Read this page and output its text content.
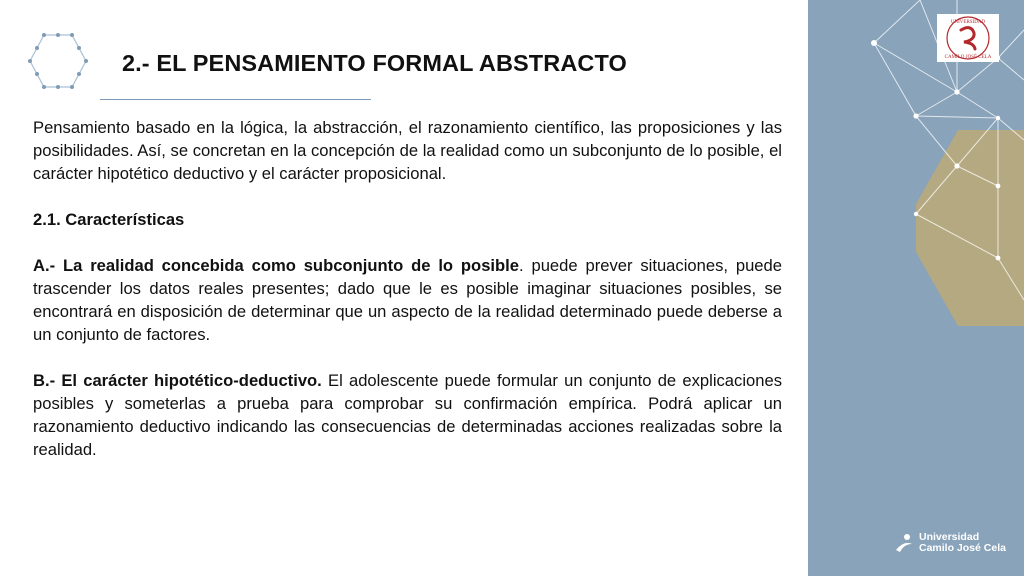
2.- EL PENSAMIENTO FORMAL ABSTRACTO

Pensamiento basado en la lógica, la abstracción, el razonamiento científico, las proposiciones y las posibilidades. Así, se concretan en la concepción de la realidad como un subconjunto de lo posible, el carácter hipotético deductivo y el carácter proposicional.

2.1. Características

A.- La realidad concebida como subconjunto de lo posible. puede prever situaciones, puede trascender los datos reales presentes; dado que le es posible imaginar situaciones posibles, se encontrará en disposición de determinar que un aspecto de la realidad determinado puede deberse a un conjunto de factores.

B.- El carácter hipotético-deductivo. El adolescente puede formular un conjunto de explicaciones posibles y someterlas a prueba para comprobar su confirmación empírica. Podrá aplicar un razonamiento deductivo indicando las consecuencias de determinadas acciones realizadas sobre la realidad.

UNIVERSIDAD
CAMILO JOSÉ CELA
Universidad
Camilo José Cela
